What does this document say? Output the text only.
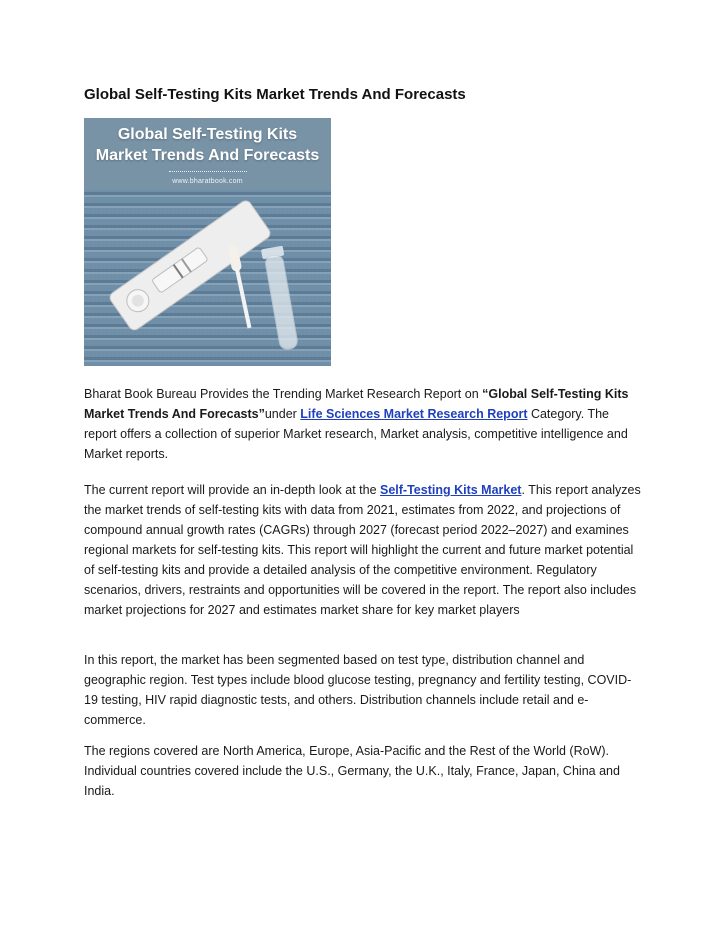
Global Self-Testing Kits Market Trends And Forecasts
Global Self-Testing Kits
Market Trends And Forecasts
www.bharatbook.com

Bharat Book Bureau Provides the Trending Market Research Report on “Global Self-Testing Kits Market Trends And Forecasts”under Life Sciences Market Research Report Category. The report offers a collection of superior Market research, Market analysis, competitive intelligence and Market reports.

The current report will provide an in-depth look at the Self-Testing Kits Market. This report analyzes the market trends of self-testing kits with data from 2021, estimates from 2022, and projections of compound annual growth rates (CAGRs) through 2027 (forecast period 2022–2027) and examines regional markets for self-testing kits. This report will highlight the current and future market potential of self-testing kits and provide a detailed analysis of the competitive environment. Regulatory scenarios, drivers, restraints and opportunities will be covered in the report. The report also includes market projections for 2027 and estimates market share for key market players

In this report, the market has been segmented based on test type, distribution channel and geographic region. Test types include blood glucose testing, pregnancy and fertility testing, COVID-19 testing, HIV rapid diagnostic tests, and others. Distribution channels include retail and e-commerce.

The regions covered are North America, Europe, Asia-Pacific and the Rest of the World (RoW). Individual countries covered include the U.S., Germany, the U.K., Italy, France, Japan, China and India.
